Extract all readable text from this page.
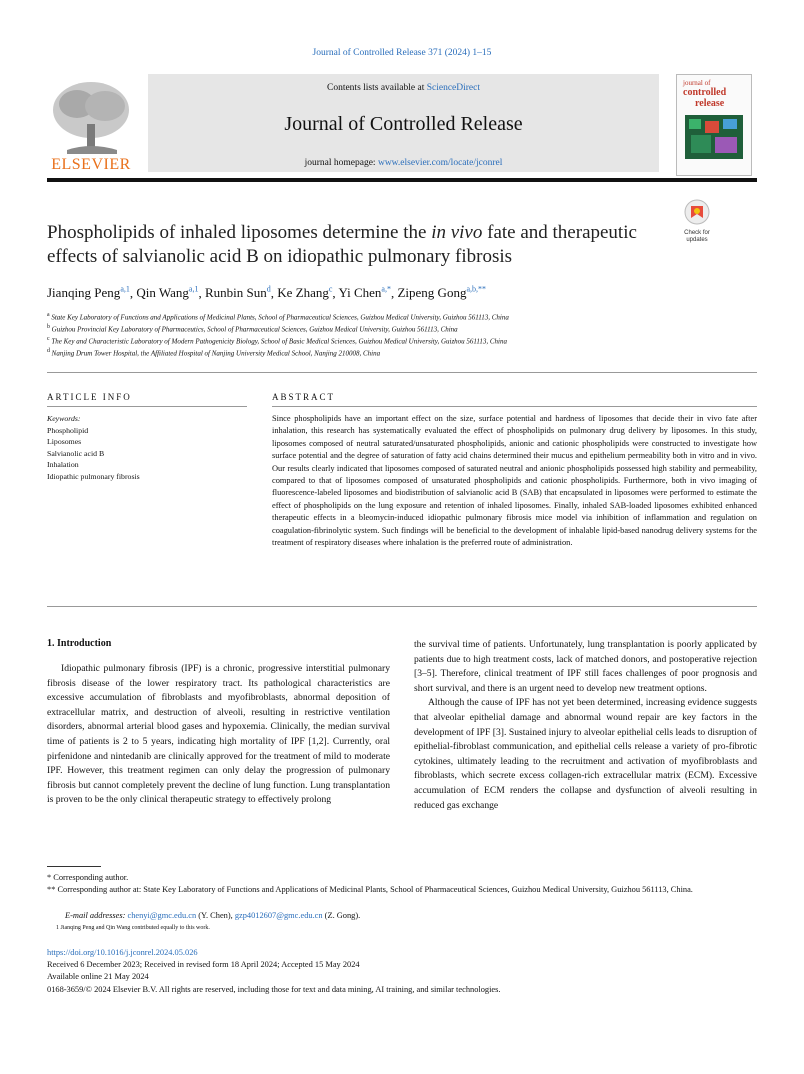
Journal of Controlled Release 371 (2024) 1–15
ELSEVIER
Contents lists available at ScienceDirect
Journal of Controlled Release
journal homepage: www.elsevier.com/locate/jconrel
journal of
controlled
release
Check for
updates
Phospholipids of inhaled liposomes determine the in vivo fate and therapeutic effects of salvianolic acid B on idiopathic pulmonary fibrosis
Jianqing Peng$^{a,1}$, Qin Wang$^{a,1}$, Runbin Sun$^d$, Ke Zhang$^c$, Yi Chen$^{a,*}$, Zipeng Gong$^{a,b,**}$
$^a$ State Key Laboratory of Functions and Applications of Medicinal Plants, School of Pharmaceutical Sciences, Guizhou Medical University, Guizhou 561113, China
$^b$ Guizhou Provincial Key Laboratory of Pharmaceutics, School of Pharmaceutical Sciences, Guizhou Medical University, Guizhou 561113, China
$^c$ The Key and Characteristic Laboratory of Modern Pathogenicity Biology, School of Basic Medical Sciences, Guizhou Medical University, Guizhou 561113, China
$^d$ Nanjing Drum Tower Hospital, the Affiliated Hospital of Nanjing University Medical School, Nanjing 210008, China
ARTICLE INFO	ABSTRACT
Keywords:
Phospholipid
Liposomes
Salvianolic acid B
Inhalation
Idiopathic pulmonary fibrosis
Since phospholipids have an important effect on the size, surface potential and hardness of liposomes that decide their in vivo fate after inhalation, this research has systematically evaluated the effect of phospholipids on pulmonary drug delivery by liposomes. In this study, liposomes composed of neutral saturated/unsaturated phospholipids, anionic and cationic phospholipids were constructed to investigate how surface potential and the degree of saturation of fatty acid chains determined their mucus and epithelium permeability both in vitro and in vivo. Our results clearly indicated that liposomes composed of saturated neutral and anionic phospholipids possessed high stability and permeability, compared to that of liposomes composed of unsaturated phospholipids and cationic phospholipids. Furthermore, both in vivo imaging of fluorescence-labeled liposomes and biodistribution of salvianolic acid B (SAB) that encapsulated in liposomes were performed to estimate the effect of phospholipids on the lung exposure and retention of inhaled liposomes. Finally, inhaled SAB-loaded liposomes exhibited enhanced therapeutic effects in a bleomycin-induced idiopathic pulmonary fibrosis mice model via inhibition of inflammation and regulation on coagulation-fibrinolytic system. Such findings will be beneficial to the development of inhalable lipid-based nanodrug delivery systems for the treatment of respiratory diseases where inhalation is the preferred route of administration.
1. Introduction

Idiopathic pulmonary fibrosis (IPF) is a chronic, progressive interstitial pulmonary fibrosis disease of the lower respiratory tract. Its pathological characteristics are excessive accumulation of fibroblasts and myofibroblasts, abnormal deposition of extracellular matrix, and destruction of alveoli, resulting in restrictive ventilation disorders, abnormal arterial blood gases and hypoxemia. Clinically, the median survival time of patients is 2 to 5 years, indicating high mortality of IPF [1,2]. Currently, oral pirfenidone and nintedanib are clinically approved for the treatment of mild to moderate IPF. However, this treatment regimen can only delay the progression of pulmonary fibrosis but cannot completely prevent the decline of lung function. Lung transplantation is proven to be the only clinical therapeutic strategy to effectively prolong

the survival time of patients. Unfortunately, lung transplantation is poorly applicated by patients due to high treatment costs, lack of matched donors, and postoperative rejection [3–5]. Therefore, clinical treatment of IPF still faces challenges of poor prognosis and short survival, and there is an urgent need to develop new treatment options.

Although the cause of IPF has not yet been determined, increasing evidence suggests that alveolar epithelial damage and abnormal wound repair are key factors in the development of IPF [3]. Sustained injury to alveolar epithelial cells leads to disruption of epithelial-fibroblast communication, and epithelial cells release a variety of pro-fibrotic cytokines, ultimately leading to the recruitment and activation of myofibroblasts and fibroblasts, which secrete excess collagen-rich extracellular matrix (ECM). Excessive accumulation of ECM renders the collapse and dysfunction of alveoli resulting in reduced gas exchange

* Corresponding author.
** Corresponding author at: State Key Laboratory of Functions and Applications of Medicinal Plants, School of Pharmaceutical Sciences, Guizhou Medical University, Guizhou 561113, China.
E-mail addresses: chenyi@gmc.edu.cn (Y. Chen), gzp4012607@gmc.edu.cn (Z. Gong).
1 Jianqing Peng and Qin Wang contributed equally to this work.
https://doi.org/10.1016/j.jconrel.2024.05.026
Received 6 December 2023; Received in revised form 18 April 2024; Accepted 15 May 2024
Available online 21 May 2024
0168-3659/© 2024 Elsevier B.V. All rights are reserved, including those for text and data mining, AI training, and similar technologies.
